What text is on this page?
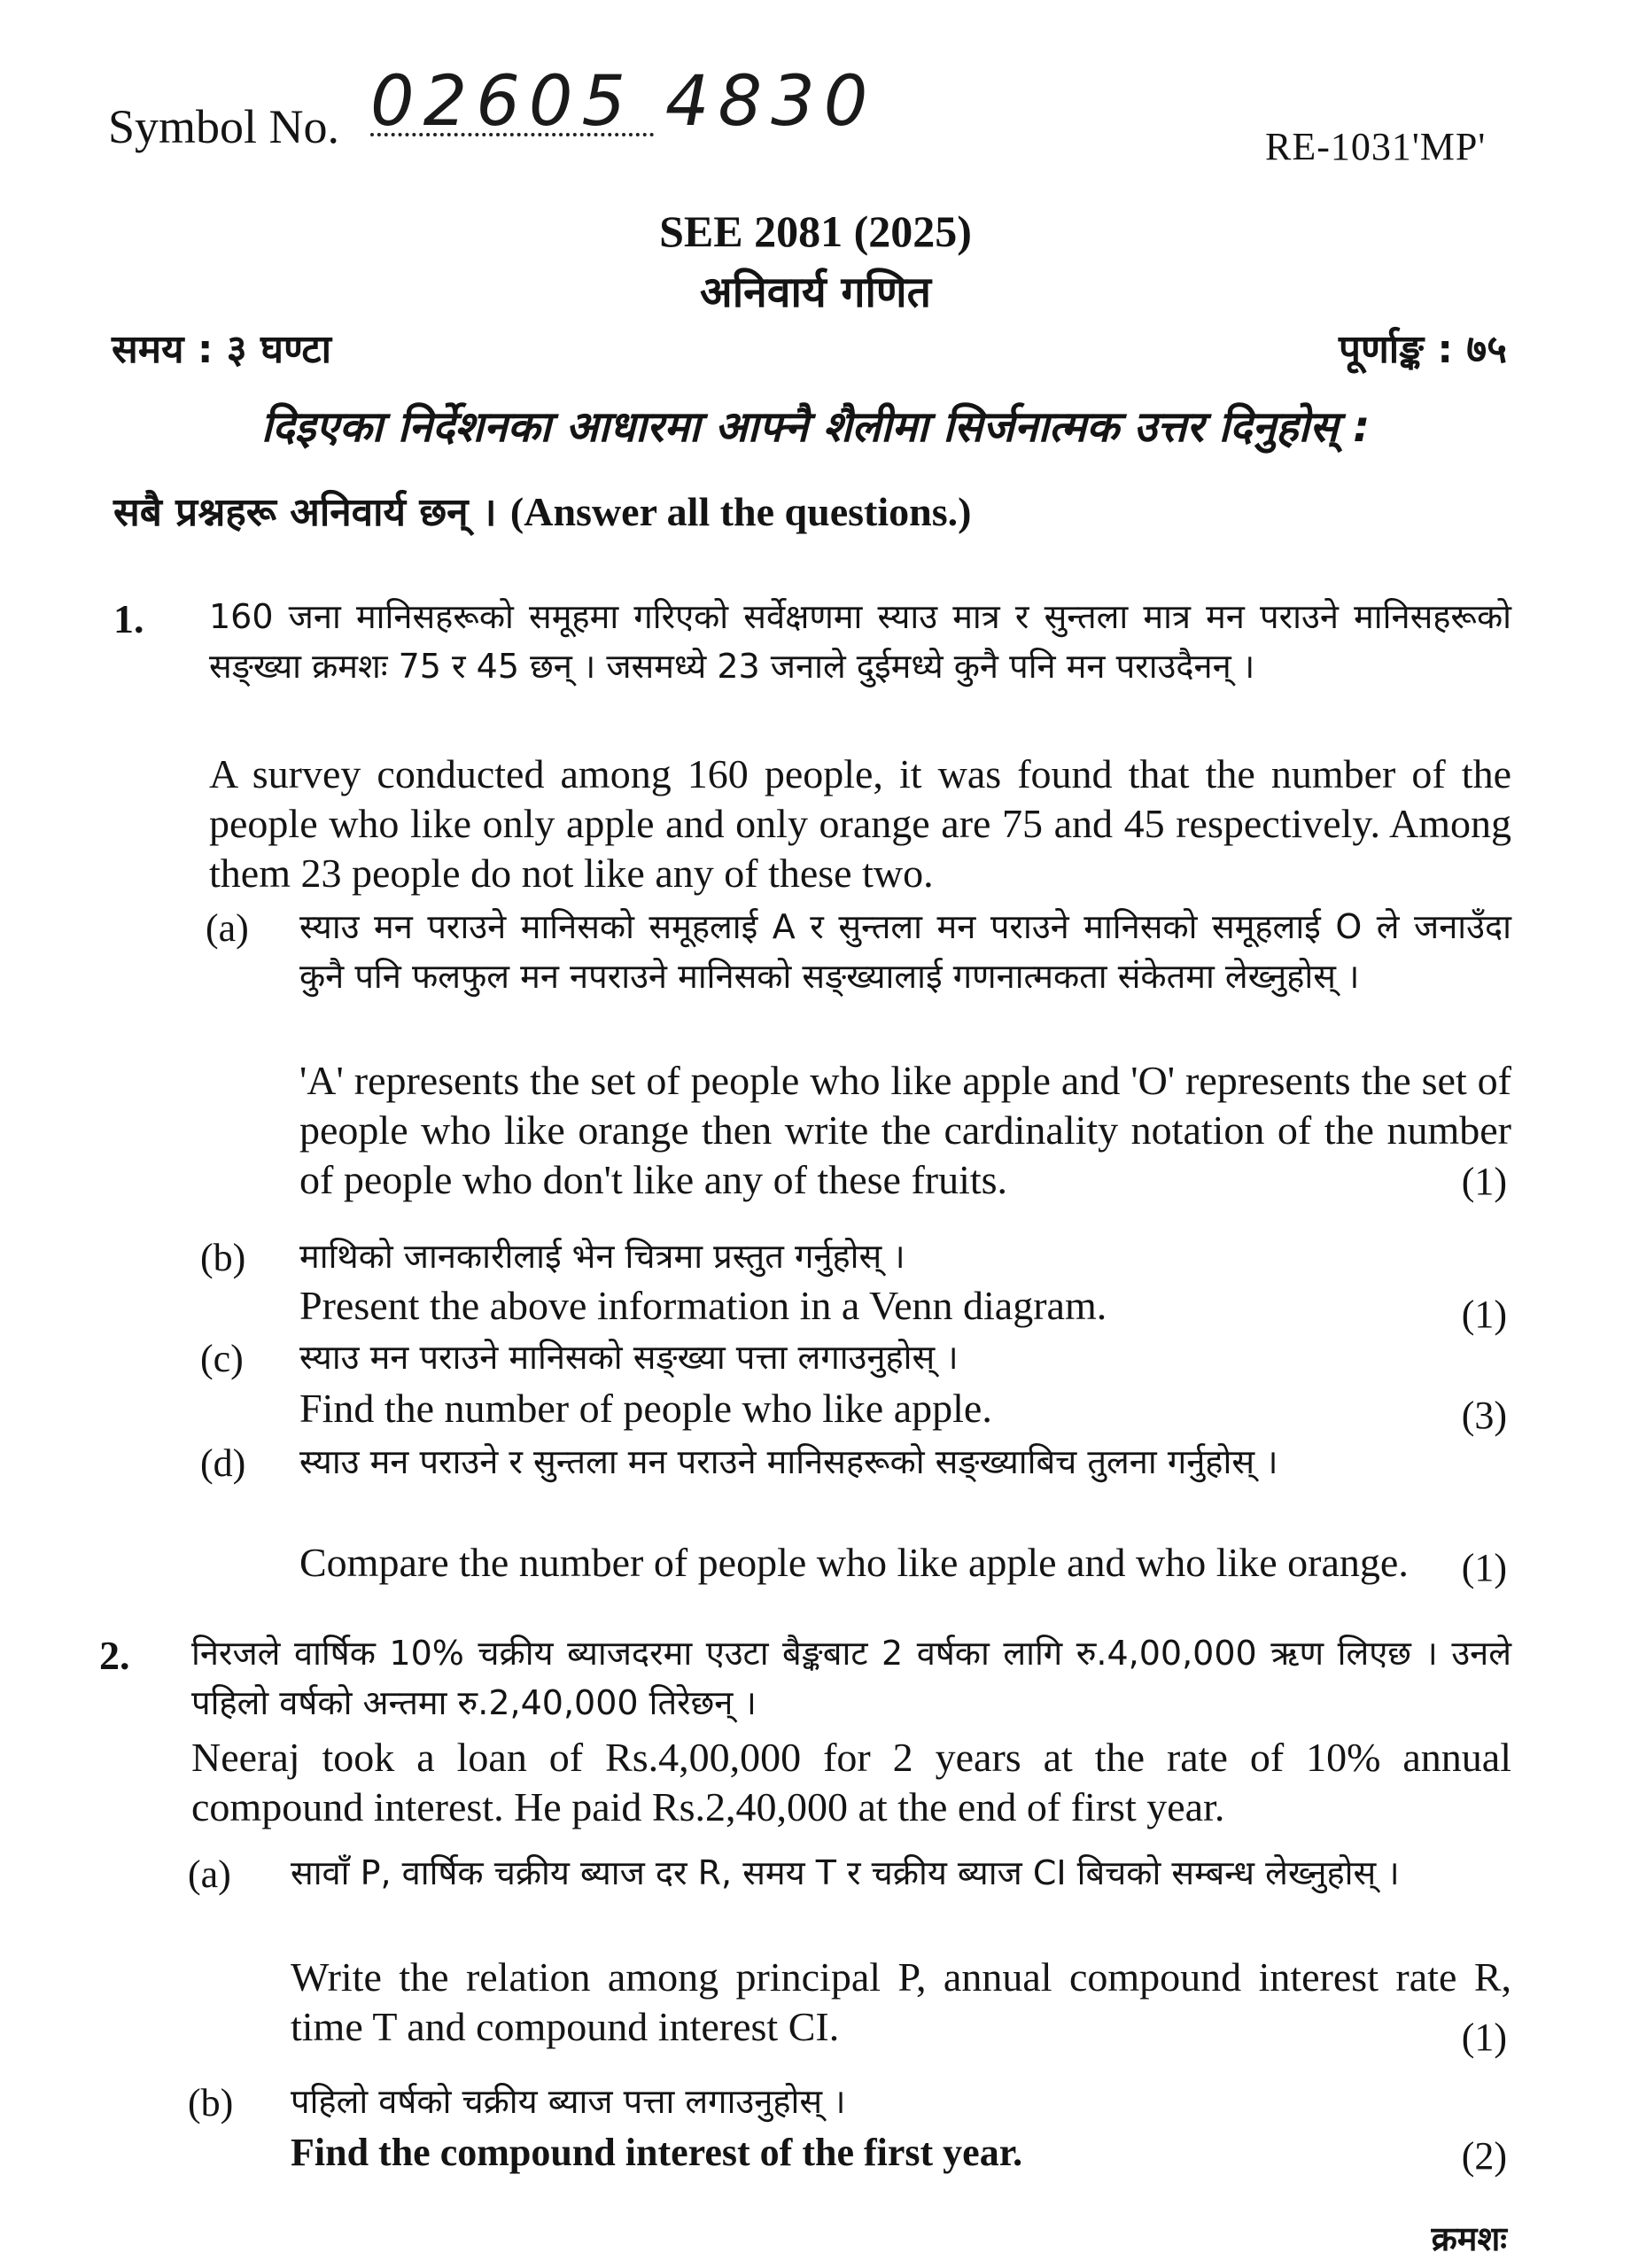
Symbol No. 02605 4830
RE-1031'MP'
SEE 2081 (2025)
अनिवार्य गणित
समय : ३ घण्टा	पूर्णाङ्क : ७५
दिइएका निर्देशनका आधारमा आफ्नै शैलीमा सिर्जनात्मक उत्तर दिनुहोस् :
सबै प्रश्नहरू अनिवार्य छन् । (Answer all the questions.)
1. 160 जना मानिसहरूको समूहमा गरिएको सर्वेक्षणमा स्याउ मात्र र सुन्तला मात्र मन पराउने मानिसहरूको सङ्ख्या क्रमशः 75 र 45 छन् । जसमध्ये 23 जनाले दुईमध्ये कुनै पनि मन पराउदैनन् ।
A survey conducted among 160 people, it was found that the number of the people who like only apple and only orange are 75 and 45 respectively. Among them 23 people do not like any of these two.
(a) स्याउ मन पराउने मानिसको समूहलाई A र सुन्तला मन पराउने मानिसको समूहलाई O ले जनाउँदा कुनै पनि फलफुल मन नपराउने मानिसको सङ्ख्यालाई गणनात्मकता संकेतमा लेख्नुहोस् ।
'A' represents the set of people who like apple and 'O' represents the set of people who like orange then write the cardinality notation of the number of people who don't like any of these fruits.	(1)
(b) माथिको जानकारीलाई भेन चित्रमा प्रस्तुत गर्नुहोस् ।
Present the above information in a Venn diagram.	(1)
(c) स्याउ मन पराउने मानिसको सङ्ख्या पत्ता लगाउनुहोस् ।
Find the number of people who like apple.	(3)
(d) स्याउ मन पराउने र सुन्तला मन पराउने मानिसहरूको सङ्ख्याबिच तुलना गर्नुहोस् ।
Compare the number of people who like apple and who like orange.	(1)
2. निरजले वार्षिक 10% चक्रीय ब्याजदरमा एउटा बैङ्कबाट 2 वर्षका लागि रु.4,00,000 ऋण लिएछ । उनले पहिलो वर्षको अन्तमा रु.2,40,000 तिरेछन् ।
Neeraj took a loan of Rs.4,00,000 for 2 years at the rate of 10% annual compound interest. He paid Rs.2,40,000 at the end of first year.
(a) सावाँ P, वार्षिक चक्रीय ब्याज दर R, समय T र चक्रीय ब्याज CI बिचको सम्बन्ध लेख्नुहोस् ।
Write the relation among principal P, annual compound interest rate R, time T and compound interest CI.	(1)
(b) पहिलो वर्षको चक्रीय ब्याज पत्ता लगाउनुहोस् ।
Find the compound interest of the first year.	(2)
क्रमशः
